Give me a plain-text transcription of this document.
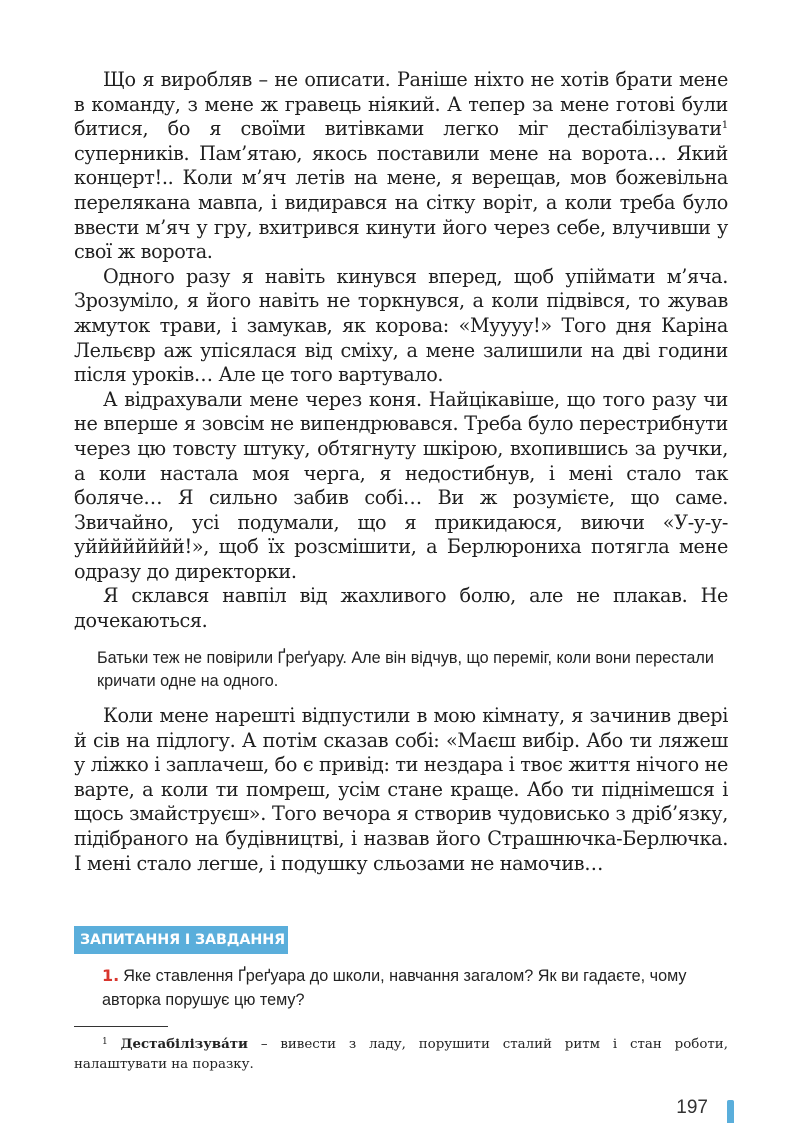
Що я виробляв – не описати. Раніше ніхто не хотів брати мене в команду, з мене ж гравець ніякий. А тепер за мене готові були битися, бо я своїми витівками легко міг дестабілізувати$^1$ суперників. Пам’ятаю, якось поставили мене на ворота… Який концерт!.. Коли м’яч летів на мене, я верещав, мов божевільна перелякана мавпа, і видирався на сітку воріт, а коли треба було ввести м’яч у гру, вхитрився кинути його через себе, влучивши у свої ж ворота.

Одного разу я навіть кинувся вперед, щоб упіймати м’яча. Зрозуміло, я його навіть не торкнувся, а коли підвівся, то жував жмуток трави, і замукав, як корова: «Муууу!» Того дня Каріна Лельєвр аж упісялася від сміху, а мене залишили на дві години після уроків… Але це того вартувало.

А відрахували мене через коня. Найцікавіше, що того разу чи не вперше я зовсім не випендрювався. Треба було перестрибнути через цю товсту штуку, обтягнуту шкірою, вхопившись за ручки, а коли настала моя черга, я недостибнув, і мені стало так боляче… Я сильно забив собі… Ви ж розумієте, що саме. Звичайно, усі подумали, що я прикидаюся, виючи «У-у-у-уйййййййй!», щоб їх розсмішити, а Берлюрониха потягла мене одразу до директорки.

Я склався навпіл від жахливого болю, але не плакав. Не дочекаються.

Батьки теж не повірили Ґреґуару. Але він відчув, що переміг, коли вони перестали кричати одне на одного.

Коли мене нарешті відпустили в мою кімнату, я зачинив двері й сів на підлогу. А потім сказав собі: «Маєш вибір. Або ти ляжеш у ліжко і заплачеш, бо є привід: ти нездара і твоє життя нічого не варте, а коли ти помреш, усім стане краще. Або ти піднімешся і щось змайструєш». Того вечора я створив чудовисько з дріб’язку, підібраного на будівництві, і назвав його Страшнючка-Берлючка. І мені стало легше, і подушку сльозами не намочив…

ЗАПИТАННЯ І ЗАВДАННЯ
1. Яке ставлення Ґреґуара до школи, навчання загалом? Як ви гадаєте, чому авторка порушує цю тему?
$^1$ Дестабілізува́ти – вивести з ладу, порушити сталий ритм і стан роботи, налаштувати на поразку.
197
